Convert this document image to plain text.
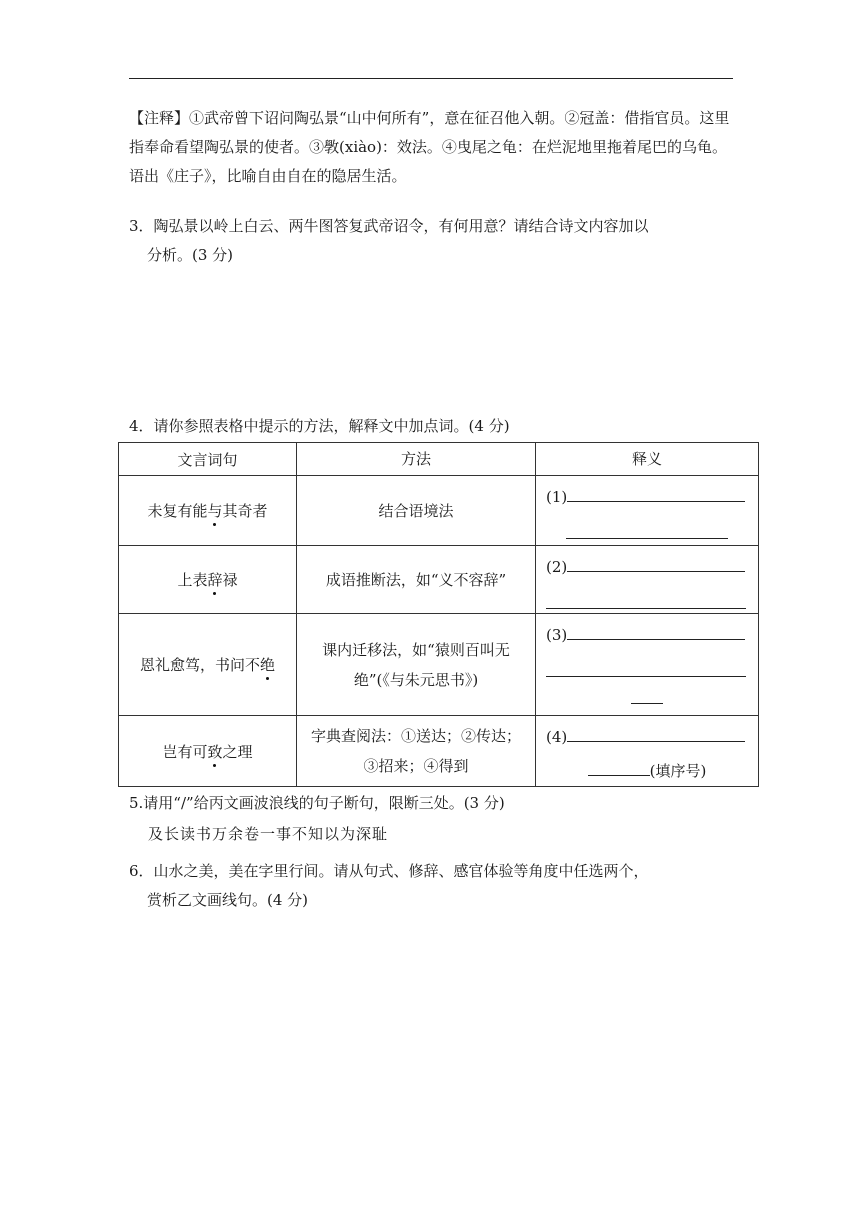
【注释】①武帝曾下诏问陶弘景“山中何所有”，意在征召他入朝。②冠盖：借指官员。这里指奉命看望陶弘景的使者。③斆(xiào)：效法。④曳尾之龟：在烂泥地里拖着尾巴的乌龟。语出《庄子》，比喻自由自在的隐居生活。

3．陶弘景以岭上白云、两牛图答复武帝诏令，有何用意？请结合诗文内容加以
分析。(3 分)

4．请你参照表格中提示的方法，解释文中加点词。(4 分)

文言词句	方法	释义
未复有能与其奇者	结合语境法	(1)

上表辞禄	成语推断法，如“义不容辞”	(2)

恩礼愈笃，书问不绝	课内迁移法，如“猿则百叫无绝”(《与朱元思书》)	(3)

岂有可致之理	字典查阅法：①送达；②传达；③招来；④得到	(4)
(填序号)

5.请用“/”给丙文画波浪线的句子断句，限断三处。(3 分)

及长读书万余卷一事不知以为深耻

6．山水之美，美在字里行间。请从句式、修辞、感官体验等角度中任选两个，
赏析乙文画线句。(4 分)
